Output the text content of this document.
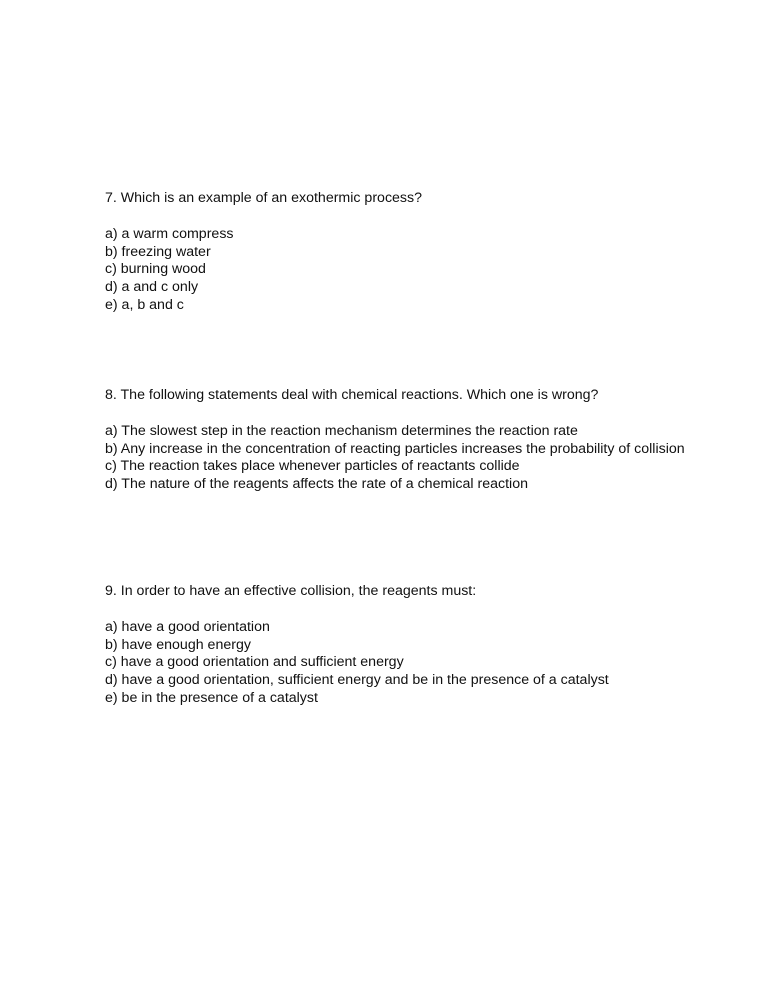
7. Which is an example of an exothermic process?

a) a warm compress
b) freezing water
c) burning wood
d) a and c only
e) a, b and c

8. The following statements deal with chemical reactions. Which one is wrong?

a) The slowest step in the reaction mechanism determines the reaction rate
b) Any increase in the concentration of reacting particles increases the probability of collision
c) The reaction takes place whenever particles of reactants collide
d) The nature of the reagents affects the rate of a chemical reaction

9. In order to have an effective collision, the reagents must:

a) have a good orientation
b) have enough energy
c) have a good orientation and sufficient energy
d) have a good orientation, sufficient energy and be in the presence of a catalyst
e) be in the presence of a catalyst
